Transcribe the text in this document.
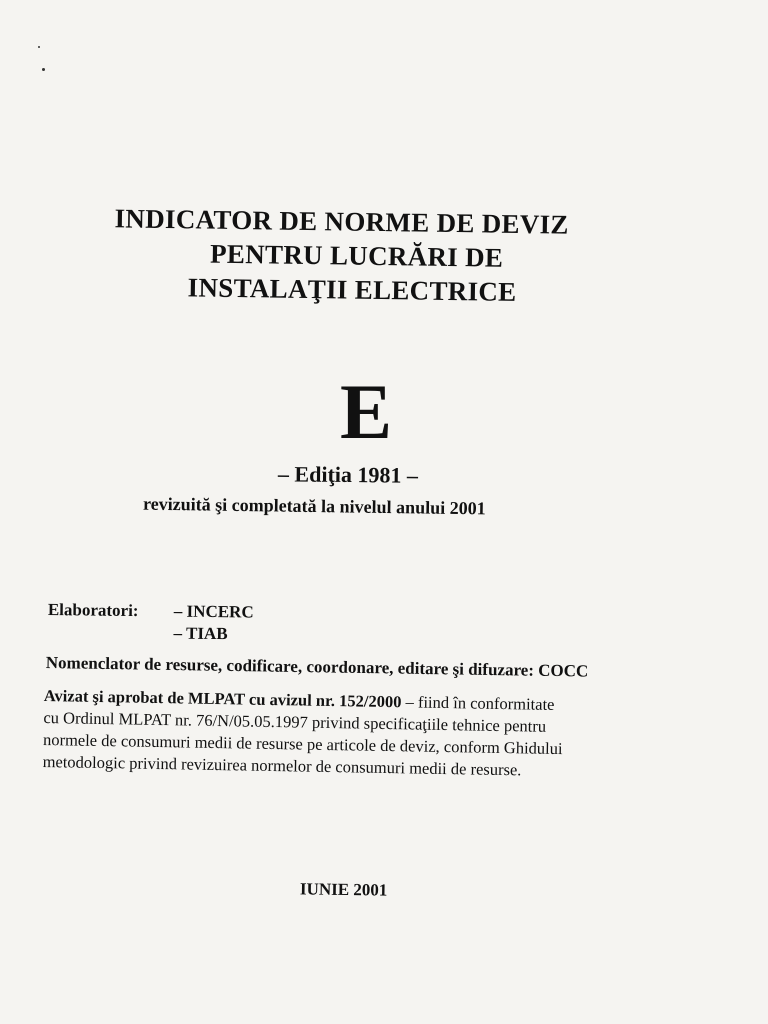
INDICATOR DE NORME DE DEVIZ
PENTRU LUCRĂRI DE
INSTALAŢII ELECTRICE
E
– Ediţia 1981 –
revizuită şi completată la nivelul anului 2001
Elaboratori: – INCERC
– TIAB
Nomenclator de resurse, codificare, coordonare, editare şi difuzare: COCC
Avizat şi aprobat de MLPAT cu avizul nr. 152/2000 – fiind în conformitate
cu Ordinul MLPAT nr. 76/N/05.05.1997 privind specificaţiile tehnice pentru
normele de consumuri medii de resurse pe articole de deviz, conform Ghidului
metodologic privind revizuirea normelor de consumuri medii de resurse.
IUNIE 2001
